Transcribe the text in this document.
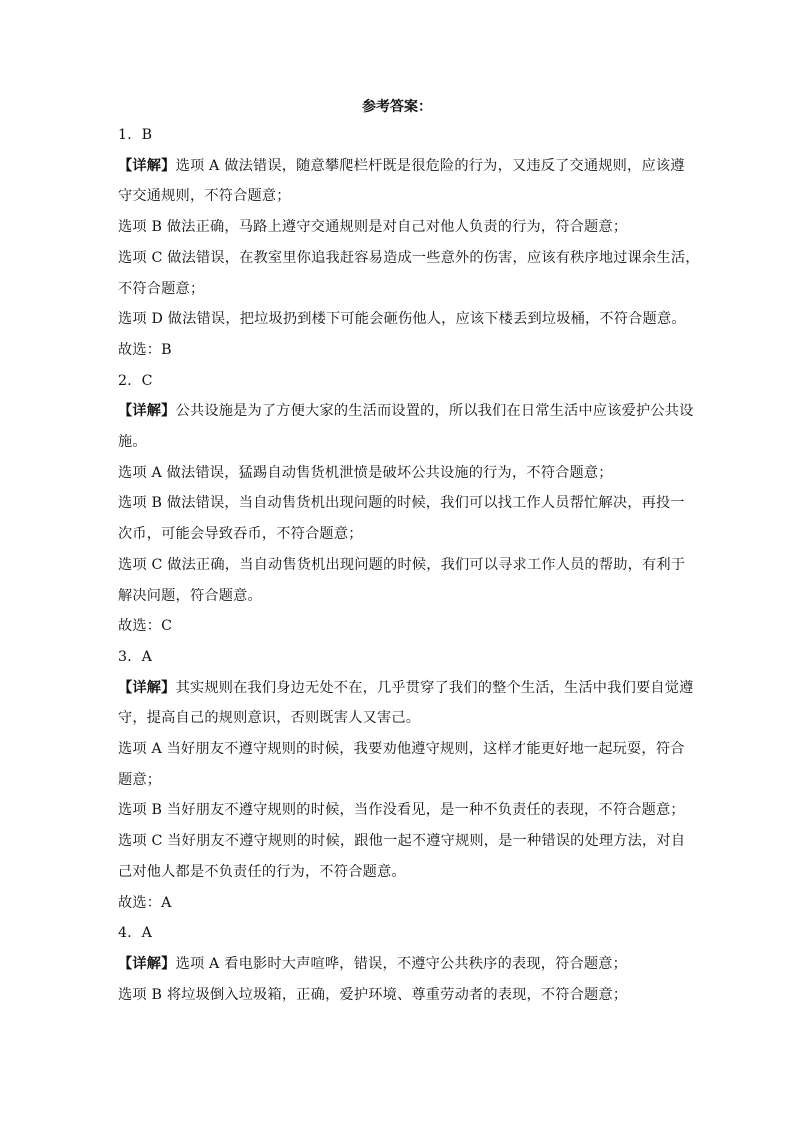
参考答案：
1．B
【详解】选项 A 做法错误，随意攀爬栏杆既是很危险的行为，又违反了交通规则，应该遵
守交通规则，不符合题意；
选项 B 做法正确，马路上遵守交通规则是对自己对他人负责的行为，符合题意；
选项 C 做法错误，在教室里你追我赶容易造成一些意外的伤害，应该有秩序地过课余生活，
不符合题意；
选项 D 做法错误，把垃圾扔到楼下可能会砸伤他人，应该下楼丢到垃圾桶，不符合题意。
故选：B
2．C
【详解】公共设施是为了方便大家的生活而设置的，所以我们在日常生活中应该爱护公共设
施。
选项 A 做法错误，猛踢自动售货机泄愤是破坏公共设施的行为，不符合题意；
选项 B 做法错误，当自动售货机出现问题的时候，我们可以找工作人员帮忙解决，再投一
次币，可能会导致吞币，不符合题意；
选项 C 做法正确，当自动售货机出现问题的时候，我们可以寻求工作人员的帮助，有利于
解决问题，符合题意。
故选：C
3．A
【详解】其实规则在我们身边无处不在，几乎贯穿了我们的整个生活，生活中我们要自觉遵
守，提高自己的规则意识，否则既害人又害己。
选项 A 当好朋友不遵守规则的时候，我要劝他遵守规则，这样才能更好地一起玩耍，符合
题意；
选项 B 当好朋友不遵守规则的时候，当作没看见，是一种不负责任的表现，不符合题意；
选项 C 当好朋友不遵守规则的时候，跟他一起不遵守规则，是一种错误的处理方法，对自
己对他人都是不负责任的行为，不符合题意。
故选：A
4．A
【详解】选项 A 看电影时大声喧哗，错误，不遵守公共秩序的表现，符合题意；
选项 B 将垃圾倒入垃圾箱，正确，爱护环境、尊重劳动者的表现，不符合题意；
